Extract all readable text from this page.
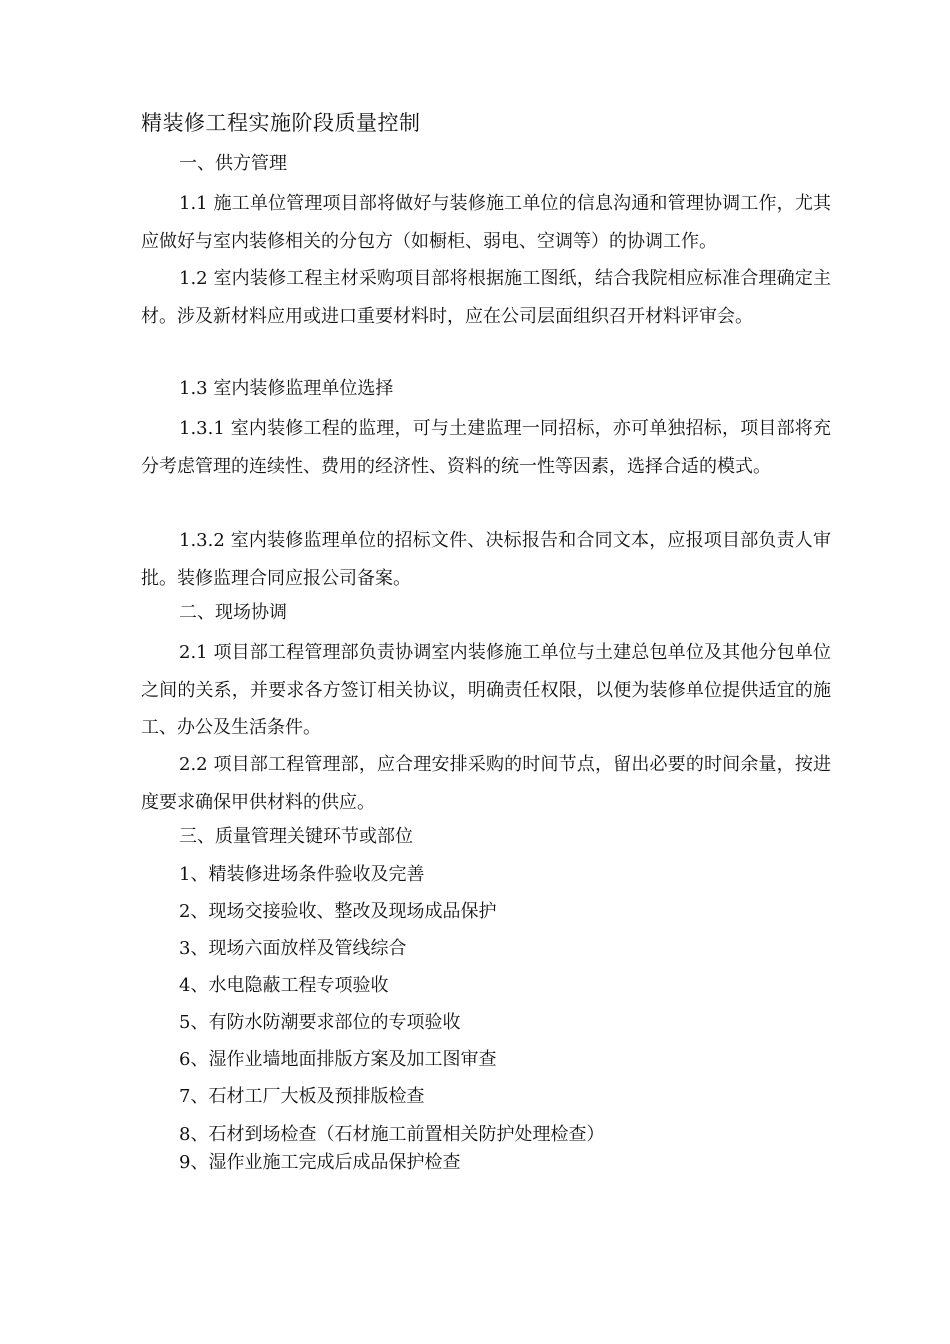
精装修工程实施阶段质量控制
一、供方管理
1.1 施工单位管理项目部将做好与装修施工单位的信息沟通和管理协调工作，尤其应做好与室内装修相关的分包方（如橱柜、弱电、空调等）的协调工作。
1.2 室内装修工程主材采购项目部将根据施工图纸，结合我院相应标准合理确定主材。涉及新材料应用或进口重要材料时，应在公司层面组织召开材料评审会。
1.3 室内装修监理单位选择
1.3.1 室内装修工程的监理，可与土建监理一同招标，亦可单独招标，项目部将充分考虑管理的连续性、费用的经济性、资料的统一性等因素，选择合适的模式。
1.3.2 室内装修监理单位的招标文件、决标报告和合同文本，应报项目部负责人审批。装修监理合同应报公司备案。
二、现场协调
2.1 项目部工程管理部负责协调室内装修施工单位与土建总包单位及其他分包单位之间的关系，并要求各方签订相关协议，明确责任权限，以便为装修单位提供适宜的施工、办公及生活条件。
2.2 项目部工程管理部，应合理安排采购的时间节点，留出必要的时间余量，按进度要求确保甲供材料的供应。
三、质量管理关键环节或部位
1、精装修进场条件验收及完善
2、现场交接验收、整改及现场成品保护
3、现场六面放样及管线综合
4、水电隐蔽工程专项验收
5、有防水防潮要求部位的专项验收
6、湿作业墙地面排版方案及加工图审查
7、石材工厂大板及预排版检查
8、石材到场检查（石材施工前置相关防护处理检查）
9、湿作业施工完成后成品保护检查
